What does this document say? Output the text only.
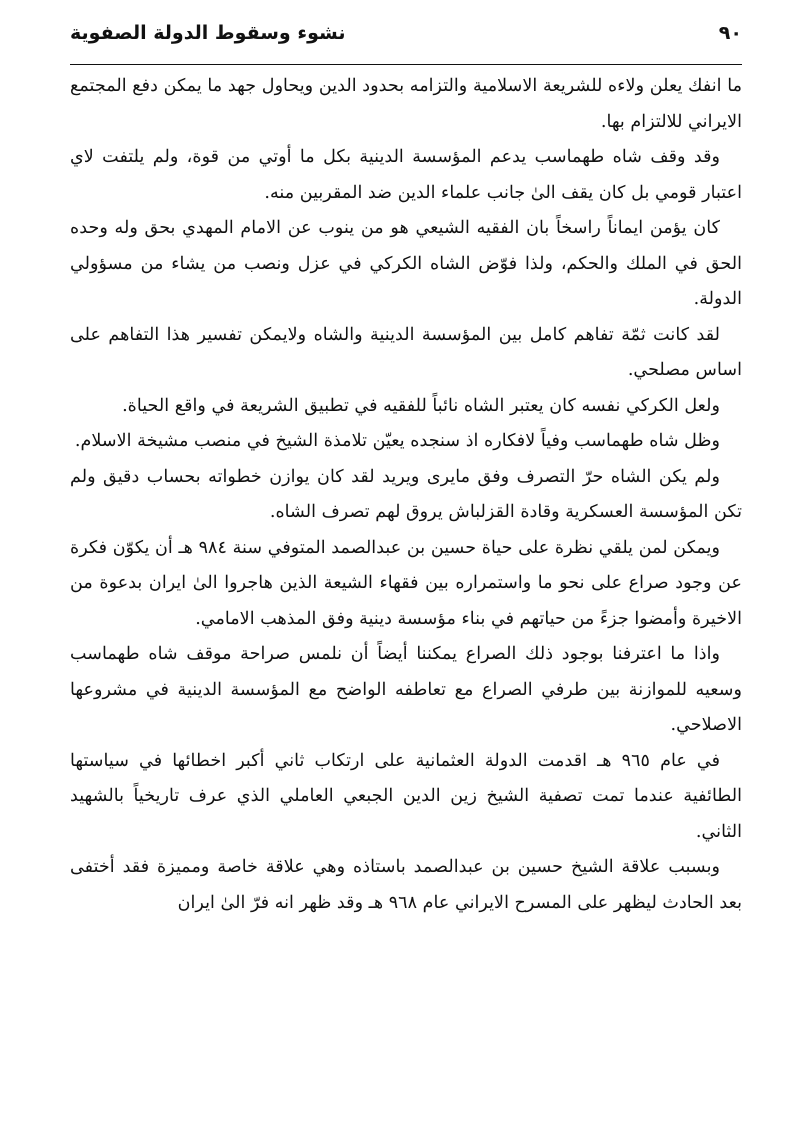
٩٠
نشوء وسقوط الدولة الصفوية

ما انفك يعلن ولاءه للشريعة الاسلامية والتزامه بحدود الدين ويحاول جهد ما يمكن دفع المجتمع الايراني للالتزام بها.

وقد وقف شاه طهماسب يدعم المؤسسة الدينية بكل ما أوتي من قوة، ولم يلتفت لاي اعتبار قومي بل كان يقف الىٰ جانب علماء الدين ضد المقربين منه.

كان يؤمن ايماناً راسخاً بان الفقيه الشيعي هو من ينوب عن الامام المهدي بحق وله وحده الحق في الملك والحكم، ولذا فوّض الشاه الكركي في عزل ونصب من يشاء من مسؤولي الدولة.

لقد كانت ثمّة تفاهم كامل بين المؤسسة الدينية والشاه ولايمكن تفسير هذا التفاهم على اساس مصلحي.

ولعل الكركي نفسه كان يعتبر الشاه نائباً للفقيه في تطبيق الشريعة في واقع الحياة.

وظل شاه طهماسب وفياً لافكاره اذ سنجده يعيّن تلامذة الشيخ في منصب مشيخة الاسلام.

ولم يكن الشاه حرّ التصرف وفق مايرى ويريد لقد كان يوازن خطواته بحساب دقيق ولم تكن المؤسسة العسكرية وقادة القزلباش يروق لهم تصرف الشاه.

ويمكن لمن يلقي نظرة على حياة حسين بن عبدالصمد المتوفي سنة ٩٨٤ هـ أن يكوّن فكرة عن وجود صراع على نحو ما واستمراره بين فقهاء الشيعة الذين هاجروا الىٰ ايران بدعوة من الاخيرة وأمضوا جزءً من حياتهم في بناء مؤسسة دينية وفق المذهب الامامي.

واذا ما اعترفنا بوجود ذلك الصراع يمكننا أيضاً أن نلمس صراحة موقف شاه طهماسب وسعيه للموازنة بين طرفي الصراع مع تعاطفه الواضح مع المؤسسة الدينية في مشروعها الاصلاحي.

في عام ٩٦٥ هـ اقدمت الدولة العثمانية على ارتكاب ثاني أكبر اخطائها في سياستها الطائفية عندما تمت تصفية الشيخ زين الدين الجبعي العاملي الذي عرف تاريخياً بالشهيد الثاني.

وبسبب علاقة الشيخ حسين بن عبدالصمد باستاذه وهي علاقة خاصة ومميزة فقد أختفى بعد الحادث ليظهر على المسرح الايراني عام ٩٦٨ هـ وقد ظهر انه فرّ الىٰ ايران
